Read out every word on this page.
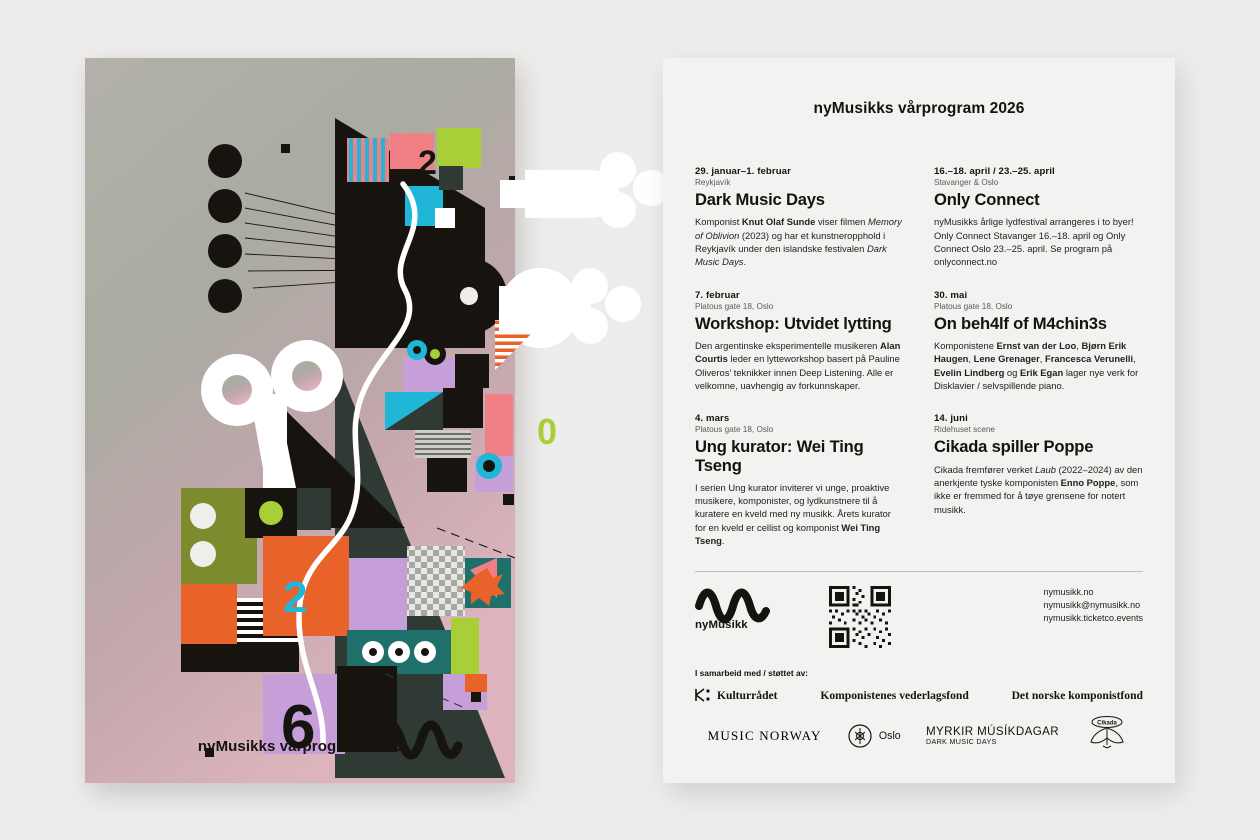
2
0
2
6
nyMusikks vårprogram 2026
nyMusikks vårprogram 2026

29. januar–1. februar

Reykjavík

Dark Music Days

Komponist Knut Olaf Sunde viser filmen Memory of Oblivion (2023) og har et kunstneropphold i Reykjavík under den islandske festivalen Dark Music Days.

7. februar

Platous gate 18, Oslo

Workshop: Utvidet lytting

Den argentinske eksperimentelle musikeren Alan Courtis leder en lytteworkshop basert på Pauline Oliveros’ teknikker innen Deep Listening. Alle er velkomne, uavhengig av forkunnskaper.

4. mars

Platous gate 18, Oslo

Ung kurator: Wei Ting Tseng

I serien Ung kurator inviterer vi unge, proaktive musikere, komponister, og lydkunstnere til å kuratere en kveld med ny musikk. Årets kurator for en kveld er cellist og komponist Wei Ting Tseng.

16.–18. april / 23.–25. april

Stavanger & Oslo

Only Connect

nyMusikks årlige lydfestival arrangeres i to byer! Only Connect Stavanger 16.–18. april og Only Connect Oslo 23.–25. april. Se program på onlyconnect.no

30. mai

Platous gate 18, Oslo

On beh4lf of M4chin3s

Komponistene Ernst van der Loo, Bjørn Erik Haugen, Lene Grenager, Francesca Verunelli, Evelin Lindberg og Erik Egan lager nye verk for Disklavier / selvspillende piano.

14. juni

Ridehuset scene

Cikada spiller Poppe

Cikada fremfører verket Laub (2022–2024) av den anerkjente tyske komponisten Enno Poppe, som ikke er fremmed for å tøye grensene for notert musikk.

nyMusikk
nymusikk.no
nymusikk@nymusikk.no
nymusikk.ticketco.events
I samarbeid med / støttet av:
Kulturrådet	Komponistenes vederlagsfond	Det norske komponistfond
MUSIC NORWAY	Oslo MYRKIR MÚSÍKDAGAR
DARK MUSIC DAYS
Cikada
